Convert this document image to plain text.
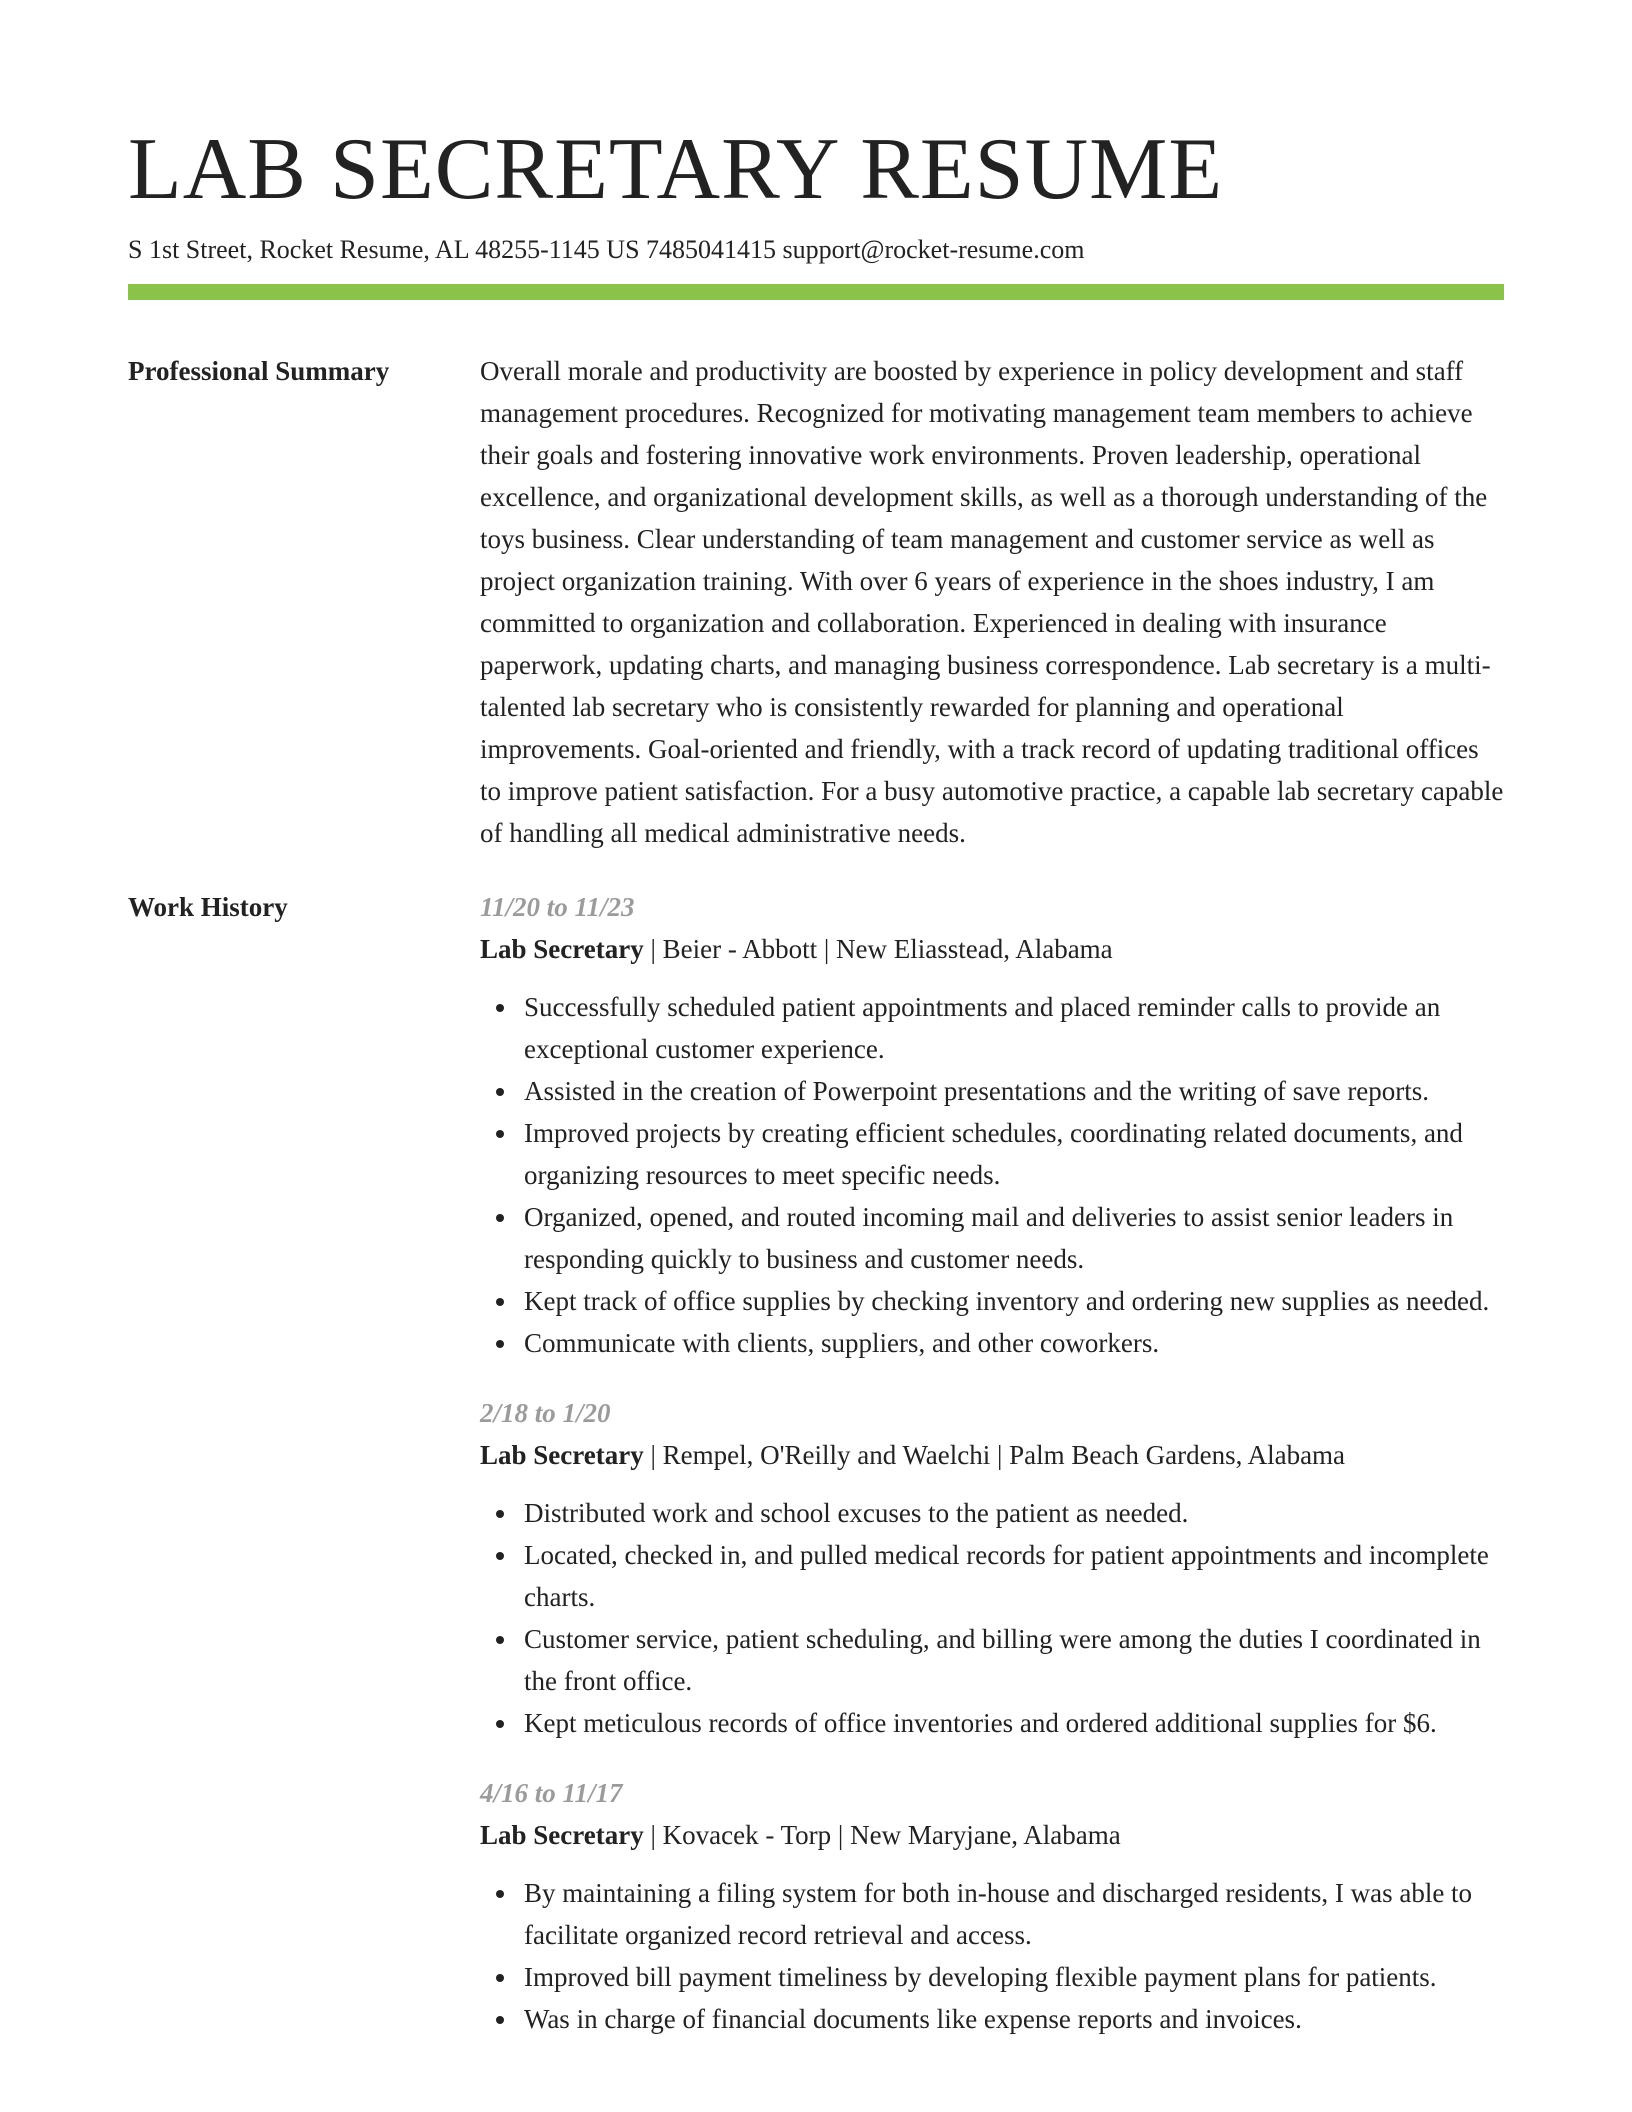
LAB SECRETARY RESUME
S 1st Street, Rocket Resume, AL 48255-1145 US 7485041415 support@rocket-resume.com
Professional Summary	Overall morale and productivity are boosted by experience in policy development and staff management procedures. Recognized for motivating management team members to achieve their goals and fostering innovative work environments. Proven leadership, operational excellence, and organizational development skills, as well as a thorough understanding of the toys business. Clear understanding of team management and customer service as well as project organization training. With over 6 years of experience in the shoes industry, I am committed to organization and collaboration. Experienced in dealing with insurance paperwork, updating charts, and managing business correspondence. Lab secretary is a multi-talented lab secretary who is consistently rewarded for planning and operational improvements. Goal-oriented and friendly, with a track record of updating traditional offices to improve patient satisfaction. For a busy automotive practice, a capable lab secretary capable of handling all medical administrative needs.

Work History	11/20 to 11/23
Lab Secretary | Beier - Abbott | New Eliasstead, Alabama
Successfully scheduled patient appointments and placed reminder calls to provide an exceptional customer experience.
Assisted in the creation of Powerpoint presentations and the writing of save reports.
Improved projects by creating efficient schedules, coordinating related documents, and organizing resources to meet specific needs.
Organized, opened, and routed incoming mail and deliveries to assist senior leaders in responding quickly to business and customer needs.
Kept track of office supplies by checking inventory and ordering new supplies as needed.
Communicate with clients, suppliers, and other coworkers.
2/18 to 1/20
Lab Secretary | Rempel, O'Reilly and Waelchi | Palm Beach Gardens, Alabama
Distributed work and school excuses to the patient as needed.
Located, checked in, and pulled medical records for patient appointments and incomplete charts.
Customer service, patient scheduling, and billing were among the duties I coordinated in the front office.
Kept meticulous records of office inventories and ordered additional supplies for $6.
4/16 to 11/17
Lab Secretary | Kovacek - Torp | New Maryjane, Alabama
By maintaining a filing system for both in-house and discharged residents, I was able to facilitate organized record retrieval and access.
Improved bill payment timeliness by developing flexible payment plans for patients.
Was in charge of financial documents like expense reports and invoices.
